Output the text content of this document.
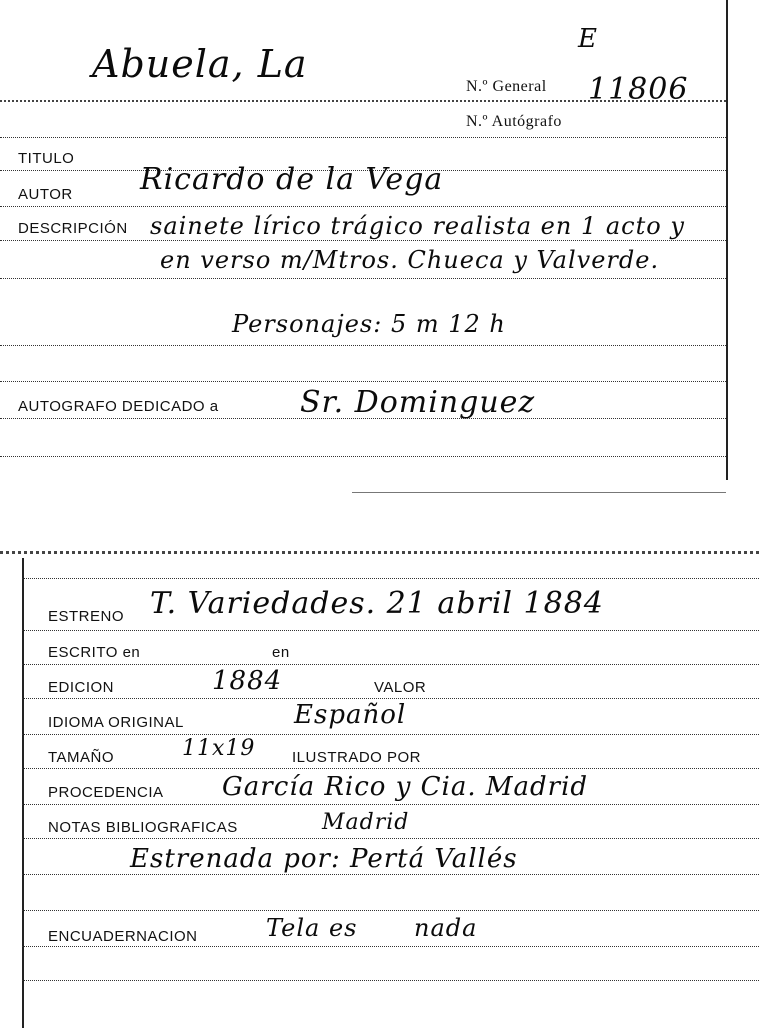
E
Abuela, La
N.º General 11806
N.º Autógrafo
TITULO
AUTOR Ricardo de la Vega
DESCRIPCIÓN sainete lírico trágico realista en 1 acto y
en verso m/Mtros. Chueca y Valverde.
Personajes: 5 m 12 h
AUTOGRAFO DEDICADO a	Sr. Dominguez
ESTRENO T. Variedades. 21 abril 1884
ESCRITO en	en
EDICION	1884	VALOR
IDIOMA ORIGINAL	Español
TAMAÑO	11x19 ILUSTRADO POR
PROCEDENCIA García Rico y Cia. Madrid
NOTAS BIBLIOGRAFICAS	Madrid
Estrenada por: Pertá Vallés
ENCUADERNACION	Tela es nada
